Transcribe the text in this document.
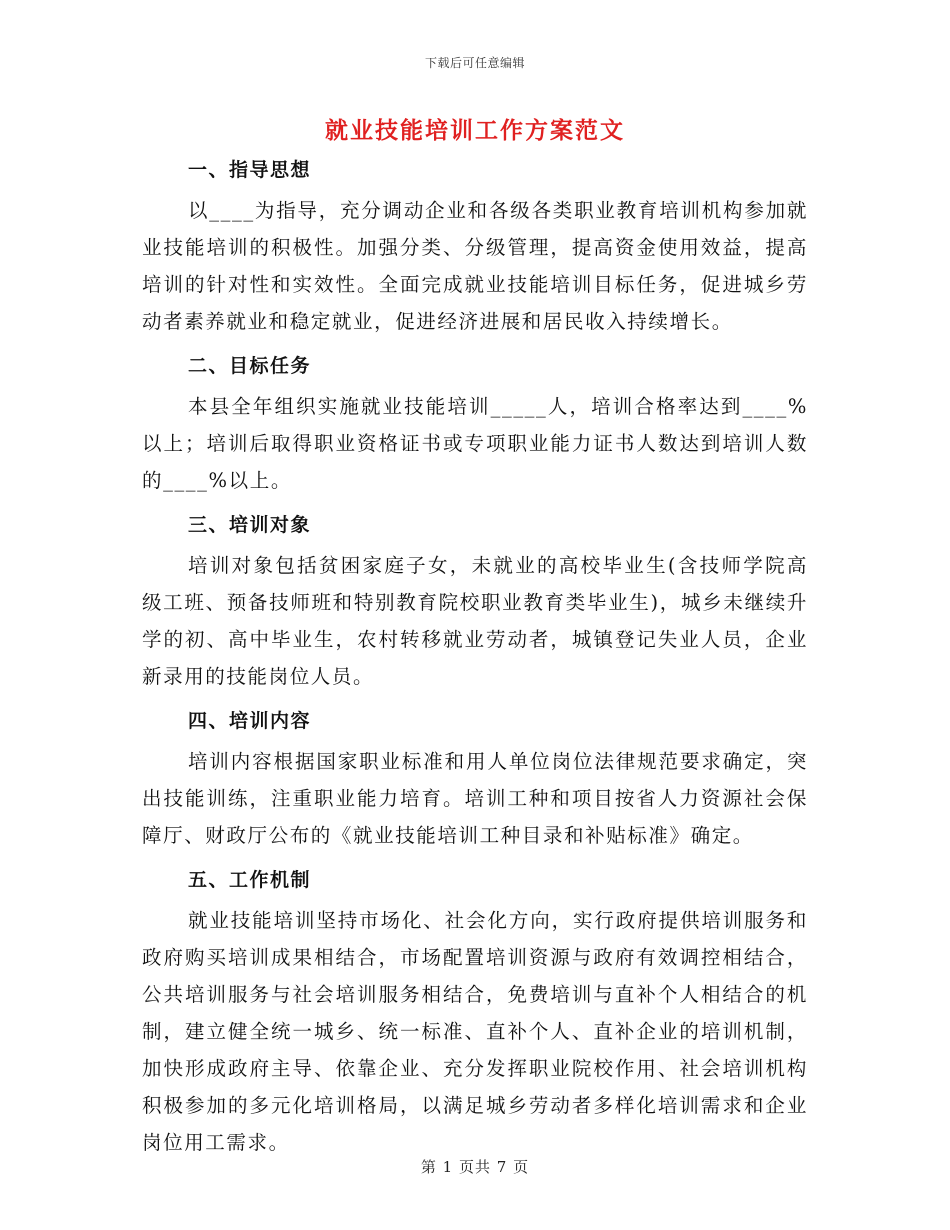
下载后可任意编辑
就业技能培训工作方案范文
一、指导思想

以____为指导，充分调动企业和各级各类职业教育培训机构参加就业技能培训的积极性。加强分类、分级管理，提高资金使用效益，提高培训的针对性和实效性。全面完成就业技能培训目标任务，促进城乡劳动者素养就业和稳定就业，促进经济进展和居民收入持续增长。

二、目标任务

本县全年组织实施就业技能培训_____人，培训合格率达到____%以上；培训后取得职业资格证书或专项职业能力证书人数达到培训人数的____%以上。

三、培训对象

培训对象包括贫困家庭子女，未就业的高校毕业生(含技师学院高级工班、预备技师班和特别教育院校职业教育类毕业生)，城乡未继续升学的初、高中毕业生，农村转移就业劳动者，城镇登记失业人员，企业新录用的技能岗位人员。

四、培训内容

培训内容根据国家职业标准和用人单位岗位法律规范要求确定，突出技能训练，注重职业能力培育。培训工种和项目按省人力资源社会保障厅、财政厅公布的《就业技能培训工种目录和补贴标准》确定。

五、工作机制

就业技能培训坚持市场化、社会化方向，实行政府提供培训服务和政府购买培训成果相结合，市场配置培训资源与政府有效调控相结合，公共培训服务与社会培训服务相结合，免费培训与直补个人相结合的机制，建立健全统一城乡、统一标准、直补个人、直补企业的培训机制，加快形成政府主导、依靠企业、充分发挥职业院校作用、社会培训机构积极参加的多元化培训格局，以满足城乡劳动者多样化培训需求和企业岗位用工需求。

第 1 页共 7 页
